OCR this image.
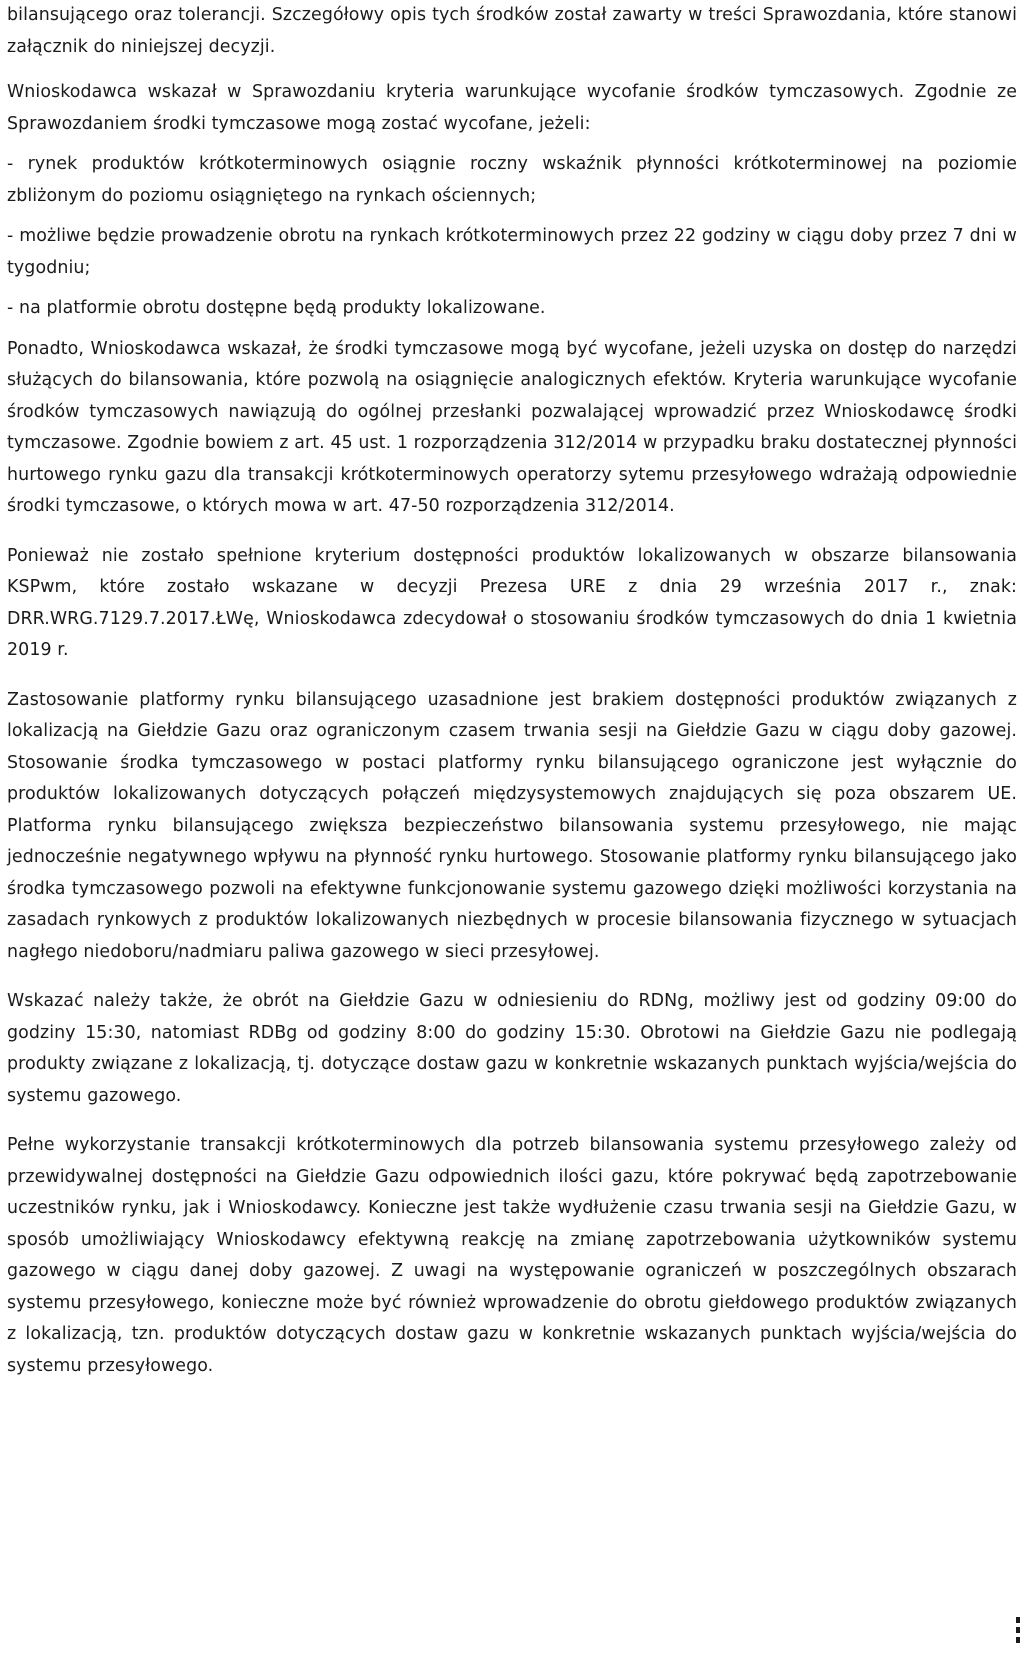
bilansującego oraz tolerancji. Szczegółowy opis tych środków został zawarty w treści Sprawozdania, które stanowi załącznik do niniejszej decyzji.

Wnioskodawca wskazał w Sprawozdaniu kryteria warunkujące wycofanie środków tymczasowych. Zgodnie ze Sprawozdaniem środki tymczasowe mogą zostać wycofane, jeżeli:

- rynek produktów krótkoterminowych osiągnie roczny wskaźnik płynności krótkoterminowej na poziomie zbliżonym do poziomu osiągniętego na rynkach ościennych;

- możliwe będzie prowadzenie obrotu na rynkach krótkoterminowych przez 22 godziny w ciągu doby przez 7 dni w tygodniu;

- na platformie obrotu dostępne będą produkty lokalizowane.

Ponadto, Wnioskodawca wskazał, że środki tymczasowe mogą być wycofane, jeżeli uzyska on dostęp do narzędzi służących do bilansowania, które pozwolą na osiągnięcie analogicznych efektów. Kryteria warunkujące wycofanie środków tymczasowych nawiązują do ogólnej przesłanki pozwalającej wprowadzić przez Wnioskodawcę środki tymczasowe. Zgodnie bowiem z art. 45 ust. 1 rozporządzenia 312/2014 w przypadku braku dostatecznej płynności hurtowego rynku gazu dla transakcji krótkoterminowych operatorzy sytemu przesyłowego wdrażają odpowiednie środki tymczasowe, o których mowa w art. 47-50 rozporządzenia 312/2014.

Ponieważ nie zostało spełnione kryterium dostępności produktów lokalizowanych w obszarze bilansowania KSPwm, które zostało wskazane w decyzji Prezesa URE z dnia 29 września 2017 r., znak: DRR.WRG.7129.7.2017.ŁWę, Wnioskodawca zdecydował o stosowaniu środków tymczasowych do dnia 1 kwietnia 2019 r.

Zastosowanie platformy rynku bilansującego uzasadnione jest brakiem dostępności produktów związanych z lokalizacją na Giełdzie Gazu oraz ograniczonym czasem trwania sesji na Giełdzie Gazu w ciągu doby gazowej. Stosowanie środka tymczasowego w postaci platformy rynku bilansującego ograniczone jest wyłącznie do produktów lokalizowanych dotyczących połączeń międzysystemowych znajdujących się poza obszarem UE. Platforma rynku bilansującego zwiększa bezpieczeństwo bilansowania systemu przesyłowego, nie mając jednocześnie negatywnego wpływu na płynność rynku hurtowego. Stosowanie platformy rynku bilansującego jako środka tymczasowego pozwoli na efektywne funkcjonowanie systemu gazowego dzięki możliwości korzystania na zasadach rynkowych z produktów lokalizowanych niezbędnych w procesie bilansowania fizycznego w sytuacjach nagłego niedoboru/nadmiaru paliwa gazowego w sieci przesyłowej.

Wskazać należy także, że obrót na Giełdzie Gazu w odniesieniu do RDNg, możliwy jest od godziny 09:00 do godziny 15:30, natomiast RDBg od godziny 8:00 do godziny 15:30. Obrotowi na Giełdzie Gazu nie podlegają produkty związane z lokalizacją, tj. dotyczące dostaw gazu w konkretnie wskazanych punktach wyjścia/wejścia do systemu gazowego.

Pełne wykorzystanie transakcji krótkoterminowych dla potrzeb bilansowania systemu przesyłowego zależy od przewidywalnej dostępności na Giełdzie Gazu odpowiednich ilości gazu, które pokrywać będą zapotrzebowanie uczestników rynku, jak i Wnioskodawcy. Konieczne jest także wydłużenie czasu trwania sesji na Giełdzie Gazu, w sposób umożliwiający Wnioskodawcy efektywną reakcję na zmianę zapotrzebowania użytkowników systemu gazowego w ciągu danej doby gazowej. Z uwagi na występowanie ograniczeń w poszczególnych obszarach systemu przesyłowego, konieczne może być również wprowadzenie do obrotu giełdowego produktów związanych z lokalizacją, tzn. produktów dotyczących dostaw gazu w konkretnie wskazanych punktach wyjścia/wejścia do systemu przesyłowego.
